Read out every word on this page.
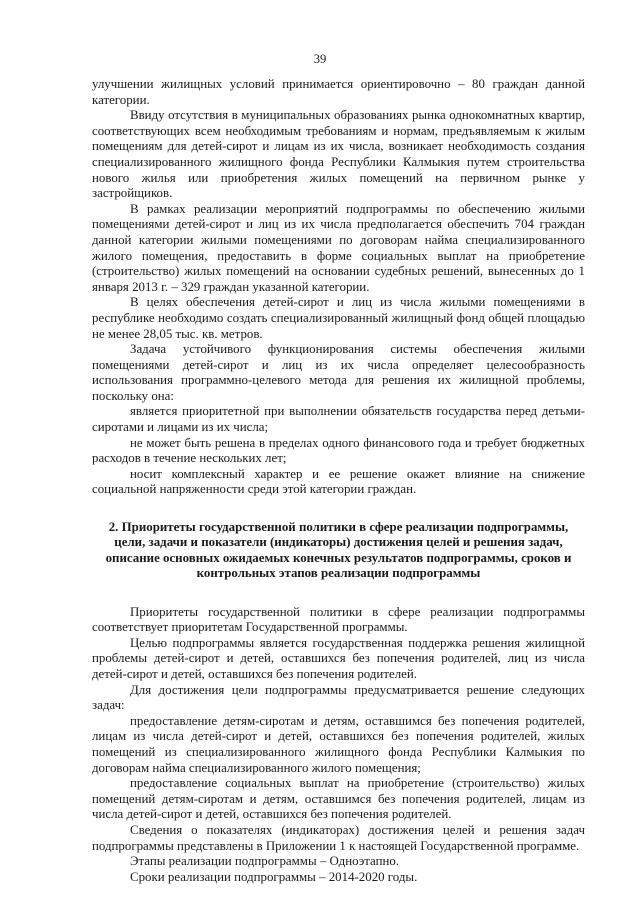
39

улучшении жилищных условий принимается ориентировочно – 80 граждан данной категории.

Ввиду отсутствия в муниципальных образованиях рынка однокомнатных квартир, соответствующих всем необходимым требованиям и нормам, предъявляемым к жилым помещениям для детей-сирот и лицам из их числа, возникает необходимость создания специализированного жилищного фонда Республики Калмыкия путем строительства нового жилья или приобретения жилых помещений на первичном рынке у застройщиков.

В рамках реализации мероприятий подпрограммы по обеспечению жилыми помещениями детей-сирот и лиц из их числа предполагается обеспечить 704 граждан данной категории жилыми помещениями по договорам найма специализированного жилого помещения, предоставить в форме социальных выплат на приобретение (строительство) жилых помещений на основании судебных решений, вынесенных до 1 января 2013 г. – 329 граждан указанной категории.

В целях обеспечения детей-сирот и лиц из числа жилыми помещениями в республике необходимо создать специализированный жилищный фонд общей площадью не менее 28,05 тыс. кв. метров.

Задача устойчивого функционирования системы обеспечения жилыми помещениями детей-сирот и лиц из их числа определяет целесообразность использования программно-целевого метода для решения их жилищной проблемы, поскольку она:

является приоритетной при выполнении обязательств государства перед детьми-сиротами и лицами из их числа;

не может быть решена в пределах одного финансового года и требует бюджетных расходов в течение нескольких лет;

носит комплексный характер и ее решение окажет влияние на снижение социальной напряженности среди этой категории граждан.

2. Приоритеты государственной политики в сфере реализации подпрограммы, цели, задачи и показатели (индикаторы) достижения целей и решения задач, описание основных ожидаемых конечных результатов подпрограммы, сроков и контрольных этапов реализации подпрограммы

Приоритеты государственной политики в сфере реализации подпрограммы соответствует приоритетам Государственной программы.

Целью подпрограммы является государственная поддержка решения жилищной проблемы детей-сирот и детей, оставшихся без попечения родителей, лиц из числа детей-сирот и детей, оставшихся без попечения родителей.

Для достижения цели подпрограммы предусматривается решение следующих задач:

предоставление детям-сиротам и детям, оставшимся без попечения родителей, лицам из числа детей-сирот и детей, оставшихся без попечения родителей, жилых помещений из специализированного жилищного фонда Республики Калмыкия по договорам найма специализированного жилого помещения;

предоставление социальных выплат на приобретение (строительство) жилых помещений детям-сиротам и детям, оставшимся без попечения родителей, лицам из числа детей-сирот и детей, оставшихся без попечения родителей.

Сведения о показателях (индикаторах) достижения целей и решения задач подпрограммы представлены в Приложении 1 к настоящей Государственной программе.

Этапы реализации подпрограммы – Одноэтапно.

Сроки реализации подпрограммы – 2014-2020 годы.
